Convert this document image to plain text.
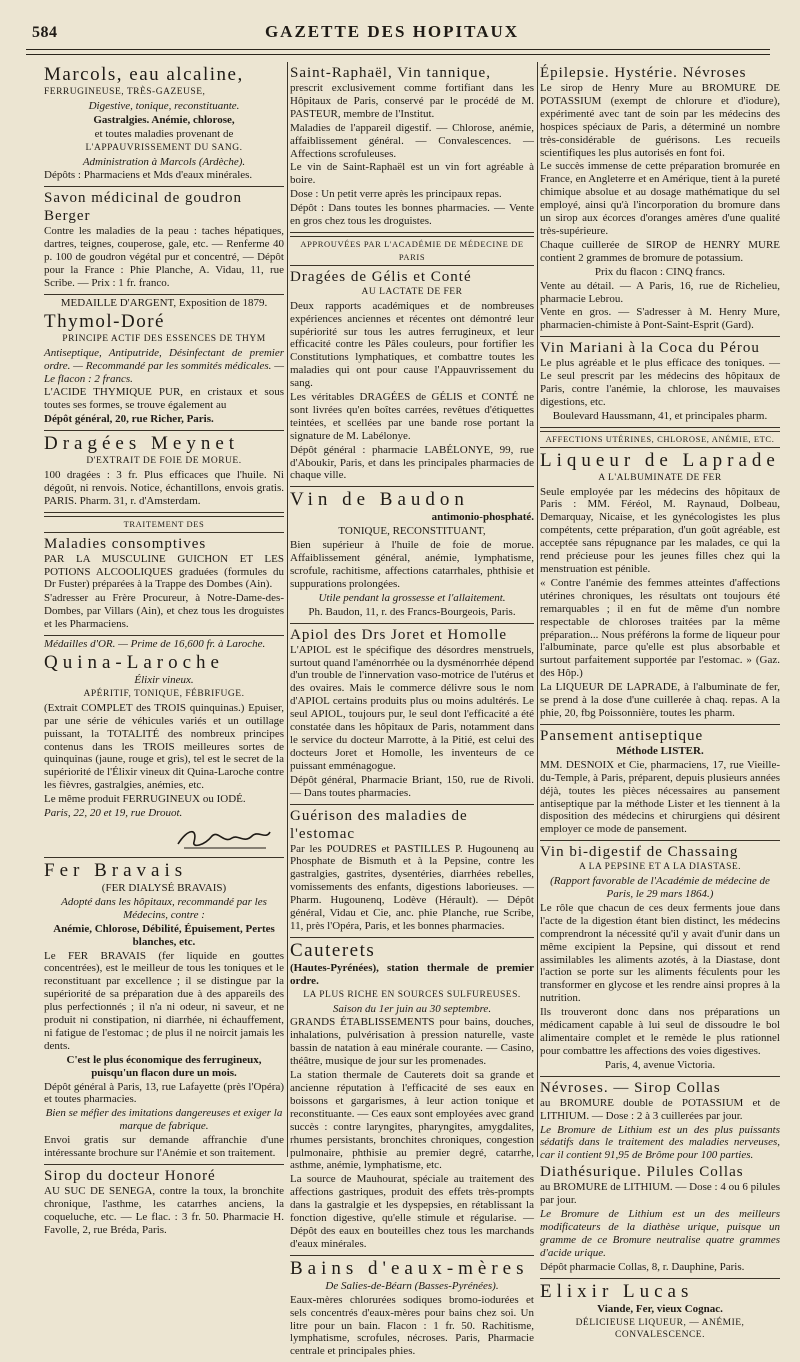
584	GAZETTE DES HOPITAUX
Marcols, eau alcaline,

FERRUGINEUSE, TRÈS-GAZEUSE,

Digestive, tonique, reconstituante.

Gastralgies. Anémie, chlorose,

et toutes maladies provenant de

L'APPAUVRISSEMENT DU SANG.

Administration à Marcols (Ardèche).

Dépôts : Pharmaciens et Mds d'eaux minérales.

Savon médicinal de goudron Berger

Contre les maladies de la peau : taches hépatiques, dartres, teignes, couperose, gale, etc. — Renferme 40 p. 100 de goudron végétal pur et concentré, — Dépôt pour la France : Phie Planche, A. Vidau, 11, rue Scribe. — Prix : 1 fr. franco.

MEDAILLE D'ARGENT, Exposition de 1879.

Thymol-Doré

PRINCIPE ACTIF DES ESSENCES DE THYM

Antiseptique, Antiputride, Désinfectant de premier ordre. — Recommandé par les sommités médicales. — Le flacon : 2 francs.

L'ACIDE THYMIQUE PUR, en cristaux et sous toutes ses formes, se trouve également au

Dépôt général, 20, rue Richer, Paris.

Dragées Meynet

D'EXTRAIT DE FOIE DE MORUE.

100 dragées : 3 fr. Plus efficaces que l'huile. Ni dégoût, ni renvois. Notice, échantillons, envois gratis. PARIS. Pharm. 31, r. d'Amsterdam.

TRAITEMENT DES
Maladies consomptives

PAR LA MUSCULINE GUICHON ET LES POTIONS ALCOOLIQUES graduées (formules du Dr Fuster) préparées à la Trappe des Dombes (Ain).

S'adresser au Frère Procureur, à Notre-Dame-des-Dombes, par Villars (Ain), et chez tous les droguistes et les Pharmaciens.

Médailles d'OR. — Prime de 16,600 fr. à Laroche.

Quina-Laroche

Élixir vineux.

APÉRITIF, TONIQUE, FÉBRIFUGE.

(Extrait COMPLET des TROIS quinquinas.) Epuiser, par une série de véhicules variés et un outillage puissant, la TOTALITÉ des nombreux principes contenus dans les TROIS meilleures sortes de quinquinas (jaune, rouge et gris), tel est le secret de la supériorité de l'Élixir vineux dit Quina-Laroche contre les fièvres, gastralgies, anémies, etc.

Le même produit FERRUGINEUX ou IODÉ.

Paris, 22, 20 et 19, rue Drouot.

Fer Bravais

(FER DIALYSÉ BRAVAIS)

Adopté dans les hôpitaux, recommandé par les Médecins, contre :

Anémie, Chlorose, Débilité, Épuisement, Pertes blanches, etc.

Le FER BRAVAIS (fer liquide en gouttes concentrées), est le meilleur de tous les toniques et le reconstituant par excellence ; il se distingue par la supériorité de sa préparation due à des appareils des plus perfectionnés ; il n'a ni odeur, ni saveur, et ne produit ni constipation, ni diarrhée, ni échauffement, ni fatigue de l'estomac ; de plus il ne noircit jamais les dents.

C'est le plus économique des ferrugineux, puisqu'un flacon dure un mois.

Dépôt général à Paris, 13, rue Lafayette (près l'Opéra) et toutes pharmacies.

Bien se méfier des imitations dangereuses et exiger la marque de fabrique.

Envoi gratis sur demande affranchie d'une intéressante brochure sur l'Anémie et son traitement.

Sirop du docteur Honoré

AU SUC DE SENEGA, contre la toux, la bronchite chronique, l'asthme, les catarrhes anciens, la coqueluche, etc. — Le flac. : 3 fr. 50. Pharmacie H. Favolle, 2, rue Bréda, Paris.

Saint-Raphaël, Vin tannique,

prescrit exclusivement comme fortifiant dans les Hôpitaux de Paris, conservé par le procédé de M. PASTEUR, membre de l'Institut.

Maladies de l'appareil digestif. — Chlorose, anémie, affaiblissement général. — Convalescences. — Affections scrofuleuses.

Le vin de Saint-Raphaël est un vin fort agréable à boire.

Dose : Un petit verre après les principaux repas.

Dépôt : Dans toutes les bonnes pharmacies. — Vente en gros chez tous les droguistes.

APPROUVÉES PAR L'ACADÉMIE DE MÉDECINE DE PARIS
Dragées de Gélis et Conté

AU LACTATE DE FER

Deux rapports académiques et de nombreuses expériences anciennes et récentes ont démontré leur supériorité sur tous les autres ferrugineux, et leur efficacité contre les Pâles couleurs, pour fortifier les Constitutions lymphatiques, et combattre toutes les maladies qui ont pour cause l'Appauvrissement du sang.

Les véritables DRAGÉES de GÉLIS et CONTÉ ne sont livrées qu'en boîtes carrées, revêtues d'étiquettes teintées, et scellées par une bande rose portant la signature de M. Labélonye.

Dépôt général : pharmacie LABÉLONYE, 99, rue d'Aboukir, Paris, et dans les principales pharmacies de chaque ville.

Vin de Baudon

antimonio-phosphaté.

TONIQUE, RECONSTITUANT,

Bien supérieur à l'huile de foie de morue. Affaiblissement général, anémie, lymphatisme, scrofule, rachitisme, affections catarrhales, phthisie et suppurations prolongées.

Utile pendant la grossesse et l'allaitement.

Ph. Baudon, 11, r. des Francs-Bourgeois, Paris.

Apiol des Drs Joret et Homolle

L'APIOL est le spécifique des désordres menstruels, surtout quand l'aménorrhée ou la dysménorrhée dépend d'un trouble de l'innervation vaso-motrice de l'utérus et des ovaires. Mais le commerce délivre sous le nom d'APIOL certains produits plus ou moins adultérés. Le seul APIOL, toujours pur, le seul dont l'efficacité a été constatée dans les hôpitaux de Paris, notamment dans le service du docteur Marrotte, à la Pitié, est celui des docteurs Joret et Homolle, les inventeurs de ce puissant emménagogue.

Dépôt général, Pharmacie Briant, 150, rue de Rivoli. — Dans toutes pharmacies.

Guérison des maladies de l'estomac

Par les POUDRES et PASTILLES P. Hugounenq au Phosphate de Bismuth et à la Pepsine, contre les gastralgies, gastrites, dysentéries, diarrhées rebelles, vomissements des enfants, digestions laborieuses. — Pharm. Hugounenq, Lodève (Hérault). — Dépôt général, Vidau et Cie, anc. phie Planche, rue Scribe, 11, près l'Opéra, Paris, et les bonnes pharmacies.

Cauterets

(Hautes-Pyrénées), station thermale de premier ordre.

LA PLUS RICHE EN SOURCES SULFUREUSES.

Saison du 1er juin au 30 septembre.

GRANDS ÉTABLISSEMENTS pour bains, douches, inhalations, pulvérisation à pression naturelle, vaste bassin de natation à eau minérale courante. — Casino, théâtre, musique de jour sur les promenades.

La station thermale de Cauterets doit sa grande et ancienne réputation à l'efficacité de ses eaux en boissons et gargarismes, à leur action tonique et reconstituante. — Ces eaux sont employées avec grand succès : contre laryngites, pharyngites, amygdalites, rhumes persistants, bronchites chroniques, congestion pulmonaire, phthisie au premier degré, catarrhe, asthme, anémie, lymphatisme, etc.

La source de Mauhourat, spéciale au traitement des affections gastriques, produit des effets très-prompts dans la gastralgie et les dyspepsies, en rétablissant la fonction digestive, qu'elle stimule et régularise. — Dépôt des eaux en bouteilles chez tous les marchands d'eaux minérales.

Bains d'eaux-mères

De Salies-de-Béarn (Basses-Pyrénées).

Eaux-mères chlorurées sodiques bromo-iodurées et sels concentrés d'eaux-mères pour bains chez soi. Un litre pour un bain. Flacon : 1 fr. 50. Rachitisme, lymphatisme, scrofules, nécroses. Paris, Pharmacie centrale et principales phies.

Épilepsie. Hystérie. Névroses

Le sirop de Henry Mure au BROMURE DE POTASSIUM (exempt de chlorure et d'iodure), expérimenté avec tant de soin par les médecins des hospices spéciaux de Paris, a déterminé un nombre très-considérable de guérisons. Les recueils scientifiques les plus autorisés en font foi.

Le succès immense de cette préparation bromurée en France, en Angleterre et en Amérique, tient à la pureté chimique absolue et au dosage mathématique du sel employé, ainsi qu'à l'incorporation du bromure dans un sirop aux écorces d'oranges amères d'une qualité très-supérieure.

Chaque cuillerée de SIROP de HENRY MURE contient 2 grammes de bromure de potassium.

Prix du flacon : CINQ francs.

Vente au détail. — A Paris, 16, rue de Richelieu, pharmacie Lebrou.

Vente en gros. — S'adresser à M. Henry Mure, pharmacien-chimiste à Pont-Saint-Esprit (Gard).

Vin Mariani à la Coca du Pérou

Le plus agréable et le plus efficace des toniques. — Le seul prescrit par les médecins des hôpitaux de Paris, contre l'anémie, la chlorose, les mauvaises digestions, etc.

Boulevard Haussmann, 41, et principales pharm.

AFFECTIONS UTÉRINES, CHLOROSE, ANÉMIE, ETC.
Liqueur de Laprade

A L'ALBUMINATE DE FER

Seule employée par les médecins des hôpitaux de Paris : MM. Féréol, M. Raynaud, Dolbeau, Demarquay, Nicaise, et les gynécologistes les plus compétents, cette préparation, d'un goût agréable, est acceptée sans répugnance par les malades, ce qui la rend précieuse pour les jeunes filles chez qui la menstruation est pénible.

« Contre l'anémie des femmes atteintes d'affections utérines chroniques, les résultats ont toujours été remarquables ; il en fut de même d'un nombre respectable de chloroses traitées par la même préparation... Nous préférons la forme de liqueur pour l'albuminate, parce qu'elle est plus absorbable et surtout parfaitement supportée par l'estomac. » (Gaz. des Hôp.)

La LIQUEUR DE LAPRADE, à l'albuminate de fer, se prend à la dose d'une cuillerée à chaq. repas. A la phie, 20, fbg Poissonnière, toutes les pharm.

Pansement antiseptique

Méthode LISTER.

MM. DESNOIX et Cie, pharmaciens, 17, rue Vieille-du-Temple, à Paris, préparent, depuis plusieurs années déjà, toutes les pièces nécessaires au pansement antiseptique par la méthode Lister et les tiennent à la disposition des médecins et chirurgiens qui désirent employer ce mode de pansement.

Vin bi-digestif de Chassaing

A LA PEPSINE ET A LA DIASTASE.

(Rapport favorable de l'Académie de médecine de Paris, le 29 mars 1864.)

Le rôle que chacun de ces deux ferments joue dans l'acte de la digestion étant bien distinct, les médecins comprendront la nécessité qu'il y avait d'unir dans un même excipient la Pepsine, qui dissout et rend assimilables les aliments azotés, à la Diastase, dont l'action se porte sur les aliments féculents pour les transformer en glycose et les rendre ainsi propres à la nutrition.

Ils trouveront donc dans nos préparations un médicament capable à lui seul de dissoudre le bol alimentaire complet et le remède le plus rationnel pour combattre les affections des voies digestives.

Paris, 4, avenue Victoria.

Névroses. — Sirop Collas

au BROMURE double de POTASSIUM et de LITHIUM. — Dose : 2 à 3 cuillerées par jour.

Le Bromure de Lithium est un des plus puissants sédatifs dans le traitement des maladies nerveuses, car il contient 91,95 de Brôme pour 100 parties.

Diathésurique. Pilules Collas

au BROMURE de LITHIUM. — Dose : 4 ou 6 pilules par jour.

Le Bromure de Lithium est un des meilleurs modificateurs de la diathèse urique, puisque un gramme de ce Bromure neutralise quatre grammes d'acide urique.

Dépôt pharmacie Collas, 8, r. Dauphine, Paris.

Elixir Lucas

Viande, Fer, vieux Cognac.

DÉLICIEUSE LIQUEUR, — ANÉMIE, CONVALESCENCE.
